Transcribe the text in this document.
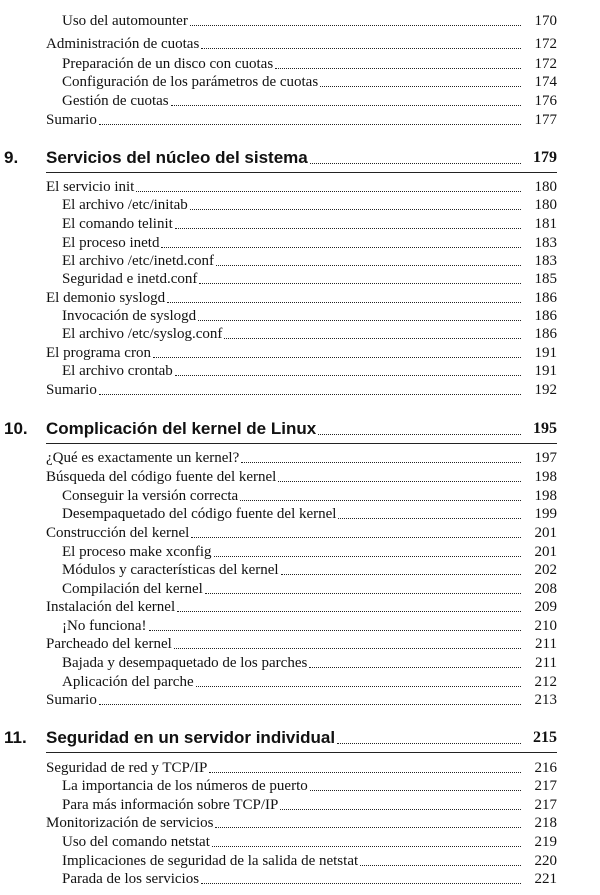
Uso del automounter	170
Administración de cuotas	172
Preparación de un disco con cuotas	172
Configuración de los parámetros de cuotas	174
Gestión de cuotas	176
Sumario	177
9.	Servicios del núcleo del sistema	179
El servicio init	180
El archivo /etc/initab	180
El comando telinit	181
El proceso inetd	183
El archivo /etc/inetd.conf	183
Seguridad e inetd.conf	185
El demonio syslogd	186
Invocación de syslogd	186
El archivo /etc/syslog.conf	186
El programa cron	191
El archivo crontab	191
Sumario	192
10.	Complicación del kernel de Linux	195
¿Qué es exactamente un kernel?	197
Búsqueda del código fuente del kernel	198
Conseguir la versión correcta	198
Desempaquetado del código fuente del kernel	199
Construcción del kernel	201
El proceso make xconfig	201
Módulos y características del kernel	202
Compilación del kernel	208
Instalación del kernel	209
¡No funciona!	210
Parcheado del kernel	211
Bajada y desempaquetado de los parches	211
Aplicación del parche	212
Sumario	213
11.	Seguridad en un servidor individual	215
Seguridad de red y TCP/IP	216
La importancia de los números de puerto	217
Para más información sobre TCP/IP	217
Monitorización de servicios	218
Uso del comando netstat	219
Implicaciones de seguridad de la salida de netstat	220
Parada de los servicios	221
